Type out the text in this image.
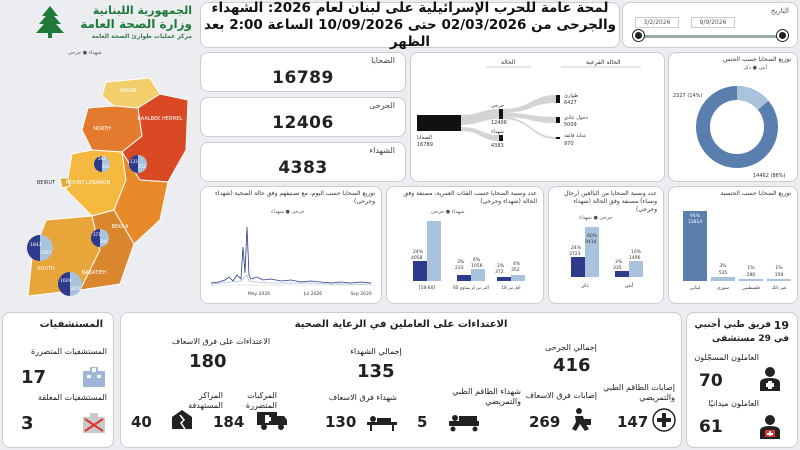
الجمهورية اللبنانية
وزارة الصحة العامة
مركز عمليات طوارئ الصحة العامة
لمحة عامة للحرب الإسرائيلية على لبنان لعام 2026: الشهداء والجرحى من 02/03/2026 حتى 10/09/2026 الساعة 2:00 بعد الظهر
التاريخ
3/2/2026	9/9/2026
AKKAR
NORTH
BAALBEK HERMEL
BEIRUT MOUNT LEBANON
BEKAA
SOUTH
NABATIEH
283
923
133
352
371
340
1843
3367
1609
3450
شهداء ● جرحى
الضحايا
16789
الجرحى
12406
الشهداء
4383
الحالة	الحالة الفرعية
الضحايا
16789
جرحى
12406
شهداء
4383
طوارئ
6427
دخول عادي
5009
عناية فائقة
970
توزيع الضحايا حسب الجنس
أنثى ● ذكر
2327 (14%)
14462 (86%)
توزيع الضحايا حسب اليوم، مع تصنيفهم وفق حالة الضحية (شهداء وجرحى)
جرحى ● شهداء
May 2026	Jul 2026	Sep 2026
عدد ونسبة الضحايا حسب الفئات العمرية، مصنفة وفق الحالة (شهداء وجرحى)
شهداء ● جرحى
24%
4058
3%
233
6%
1056	2%
372
4%
352
[18-60]	أكبر من أو يساوي 60	أقل من 18
عدد ونسبة الضحايا من البالغين (رجال ونساء) مصنفة وفق الحالة (شهداء وجرحى)
جرحى ● شهداء
24%
3723
60%
9414
3%
335
10%
1496
ذكر	أنثى
توزيع الضحايا حسب الجنسية
94%
15814
3%
535
1%
280
1%
159
لبناني	سوري	فلسطيني	غير ذلك
المستشفيات
المستشفيات المتضررة
17
المستشفيات المغلقة
3
الاعتداءات على العاملين في الرعاية الصحية
الاعتداءات على فرق الاسعاف
180	إجمالي الشهداء
135
إجمالي الجرحى
416
المراكز المستهدفة
40
المركبات المتضررة
184
شهداء فرق الاسعاف
130
شهداء الطاقم الطبي والتمريضي
5
إصابات فرق الاسعاف
269
إصابات الطاقم الطبي والتمريضي
147
19
فريق طبي أجنبي
في 29 مستشفى
العاملون المسجّلون
70
العاملون ميدانيًا
61
